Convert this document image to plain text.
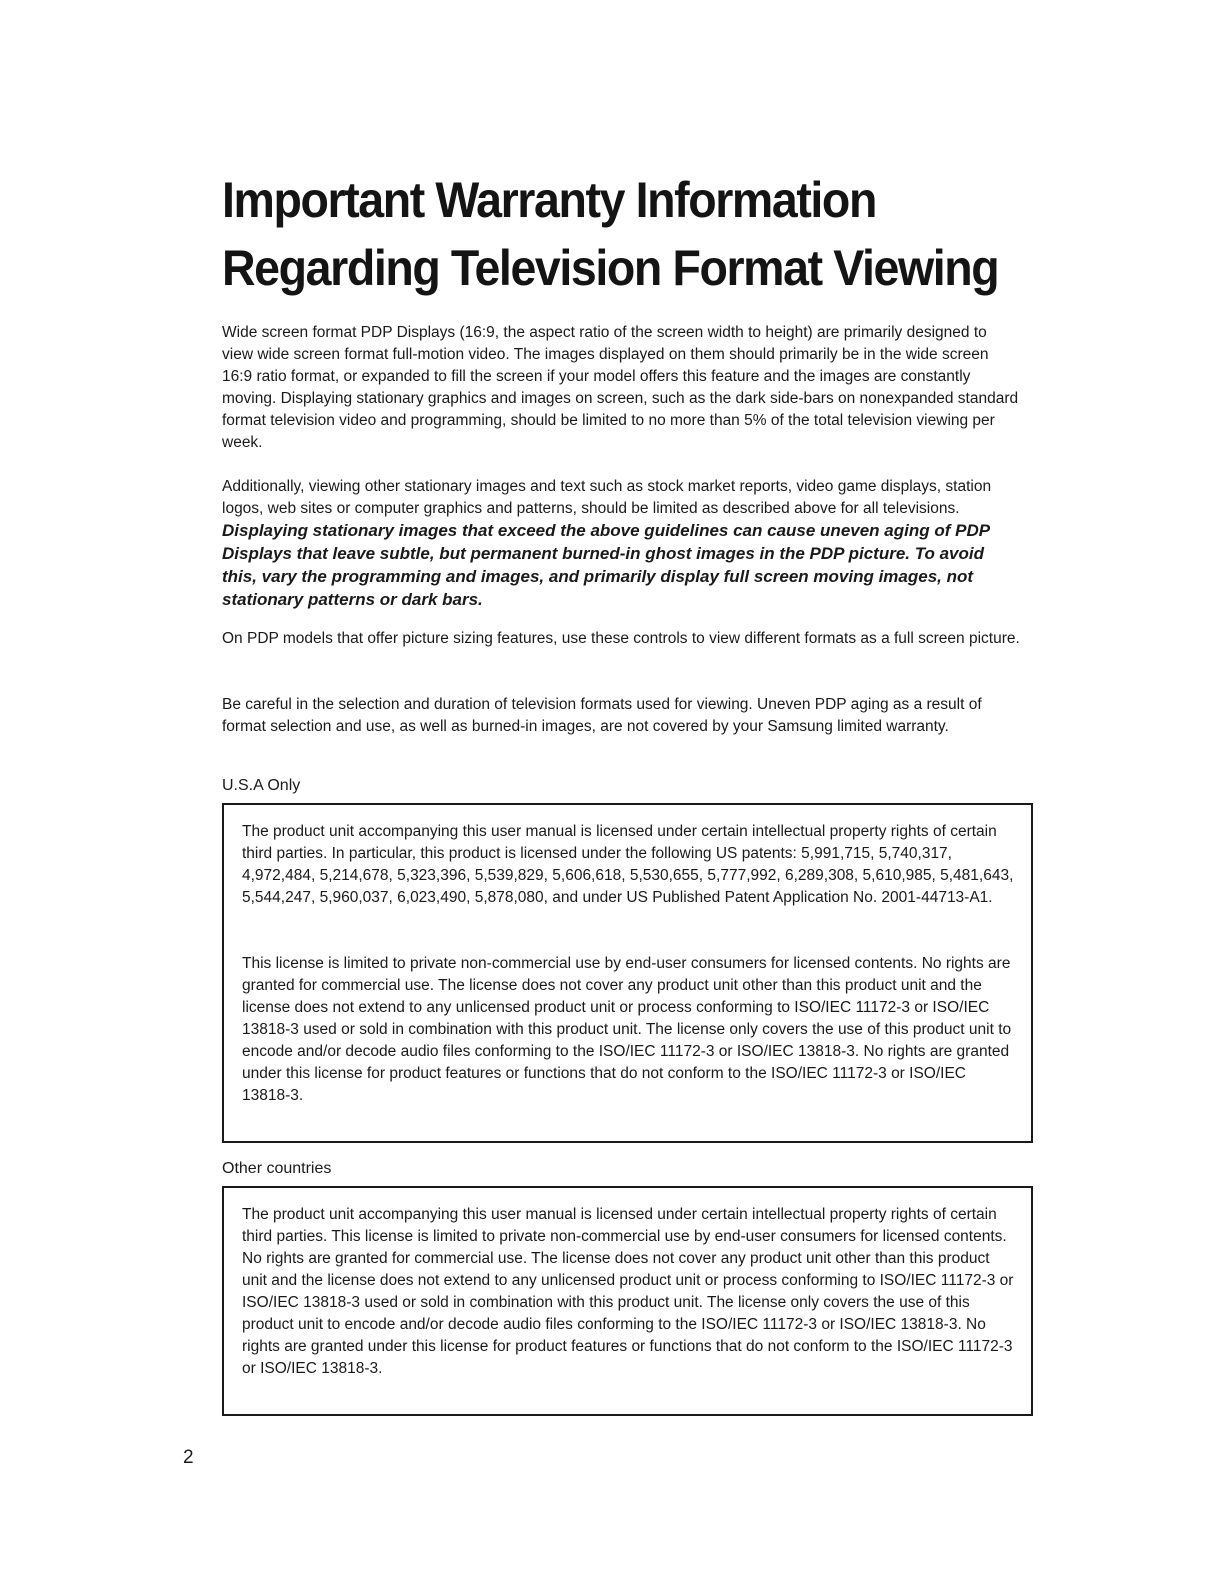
Important Warranty Information
Regarding Television Format Viewing

Wide screen format PDP Displays (16:9, the aspect ratio of the screen width to height) are primarily designed to view wide screen format full-motion video. The images displayed on them should primarily be in the wide screen 16:9 ratio format, or expanded to fill the screen if your model offers this feature and the images are constantly moving. Displaying stationary graphics and images on screen, such as the dark side-bars on nonexpanded standard format television video and programming, should be limited to no more than 5% of the total television viewing per week.

Additionally, viewing other stationary images and text such as stock market reports, video game displays, station logos, web sites or computer graphics and patterns, should be limited as described above for all televisions. Displaying stationary images that exceed the above guidelines can cause uneven aging of PDP Displays that leave subtle, but permanent burned-in ghost images in the PDP picture. To avoid this, vary the programming and images, and primarily display full screen moving images, not stationary patterns or dark bars.

On PDP models that offer picture sizing features, use these controls to view different formats as a full screen picture.

Be careful in the selection and duration of television formats used for viewing. Uneven PDP aging as a result of format selection and use, as well as burned-in images, are not covered by your Samsung limited warranty.

U.S.A Only

The product unit accompanying this user manual is licensed under certain intellectual property rights of certain third parties. In particular, this product is licensed under the following US patents: 5,991,715, 5,740,317, 4,972,484, 5,214,678, 5,323,396, 5,539,829, 5,606,618, 5,530,655, 5,777,992, 6,289,308, 5,610,985, 5,481,643, 5,544,247, 5,960,037, 6,023,490, 5,878,080, and under US Published Patent Application No. 2001-44713-A1.

This license is limited to private non-commercial use by end-user consumers for licensed contents. No rights are granted for commercial use. The license does not cover any product unit other than this product unit and the license does not extend to any unlicensed product unit or process conforming to ISO/IEC 11172-3 or ISO/IEC 13818-3 used or sold in combination with this product unit. The license only covers the use of this product unit to encode and/or decode audio files conforming to the ISO/IEC 11172-3 or ISO/IEC 13818-3. No rights are granted under this license for product features or functions that do not conform to the ISO/IEC 11172-3 or ISO/IEC 13818-3.

Other countries

The product unit accompanying this user manual is licensed under certain intellectual property rights of certain third parties. This license is limited to private non-commercial use by end-user consumers for licensed contents. No rights are granted for commercial use. The license does not cover any product unit other than this product unit and the license does not extend to any unlicensed product unit or process conforming to ISO/IEC 11172-3 or ISO/IEC 13818-3 used or sold in combination with this product unit. The license only covers the use of this product unit to encode and/or decode audio files conforming to the ISO/IEC 11172-3 or ISO/IEC 13818-3. No rights are granted under this license for product features or functions that do not conform to the ISO/IEC 11172-3 or ISO/IEC 13818-3.

2
